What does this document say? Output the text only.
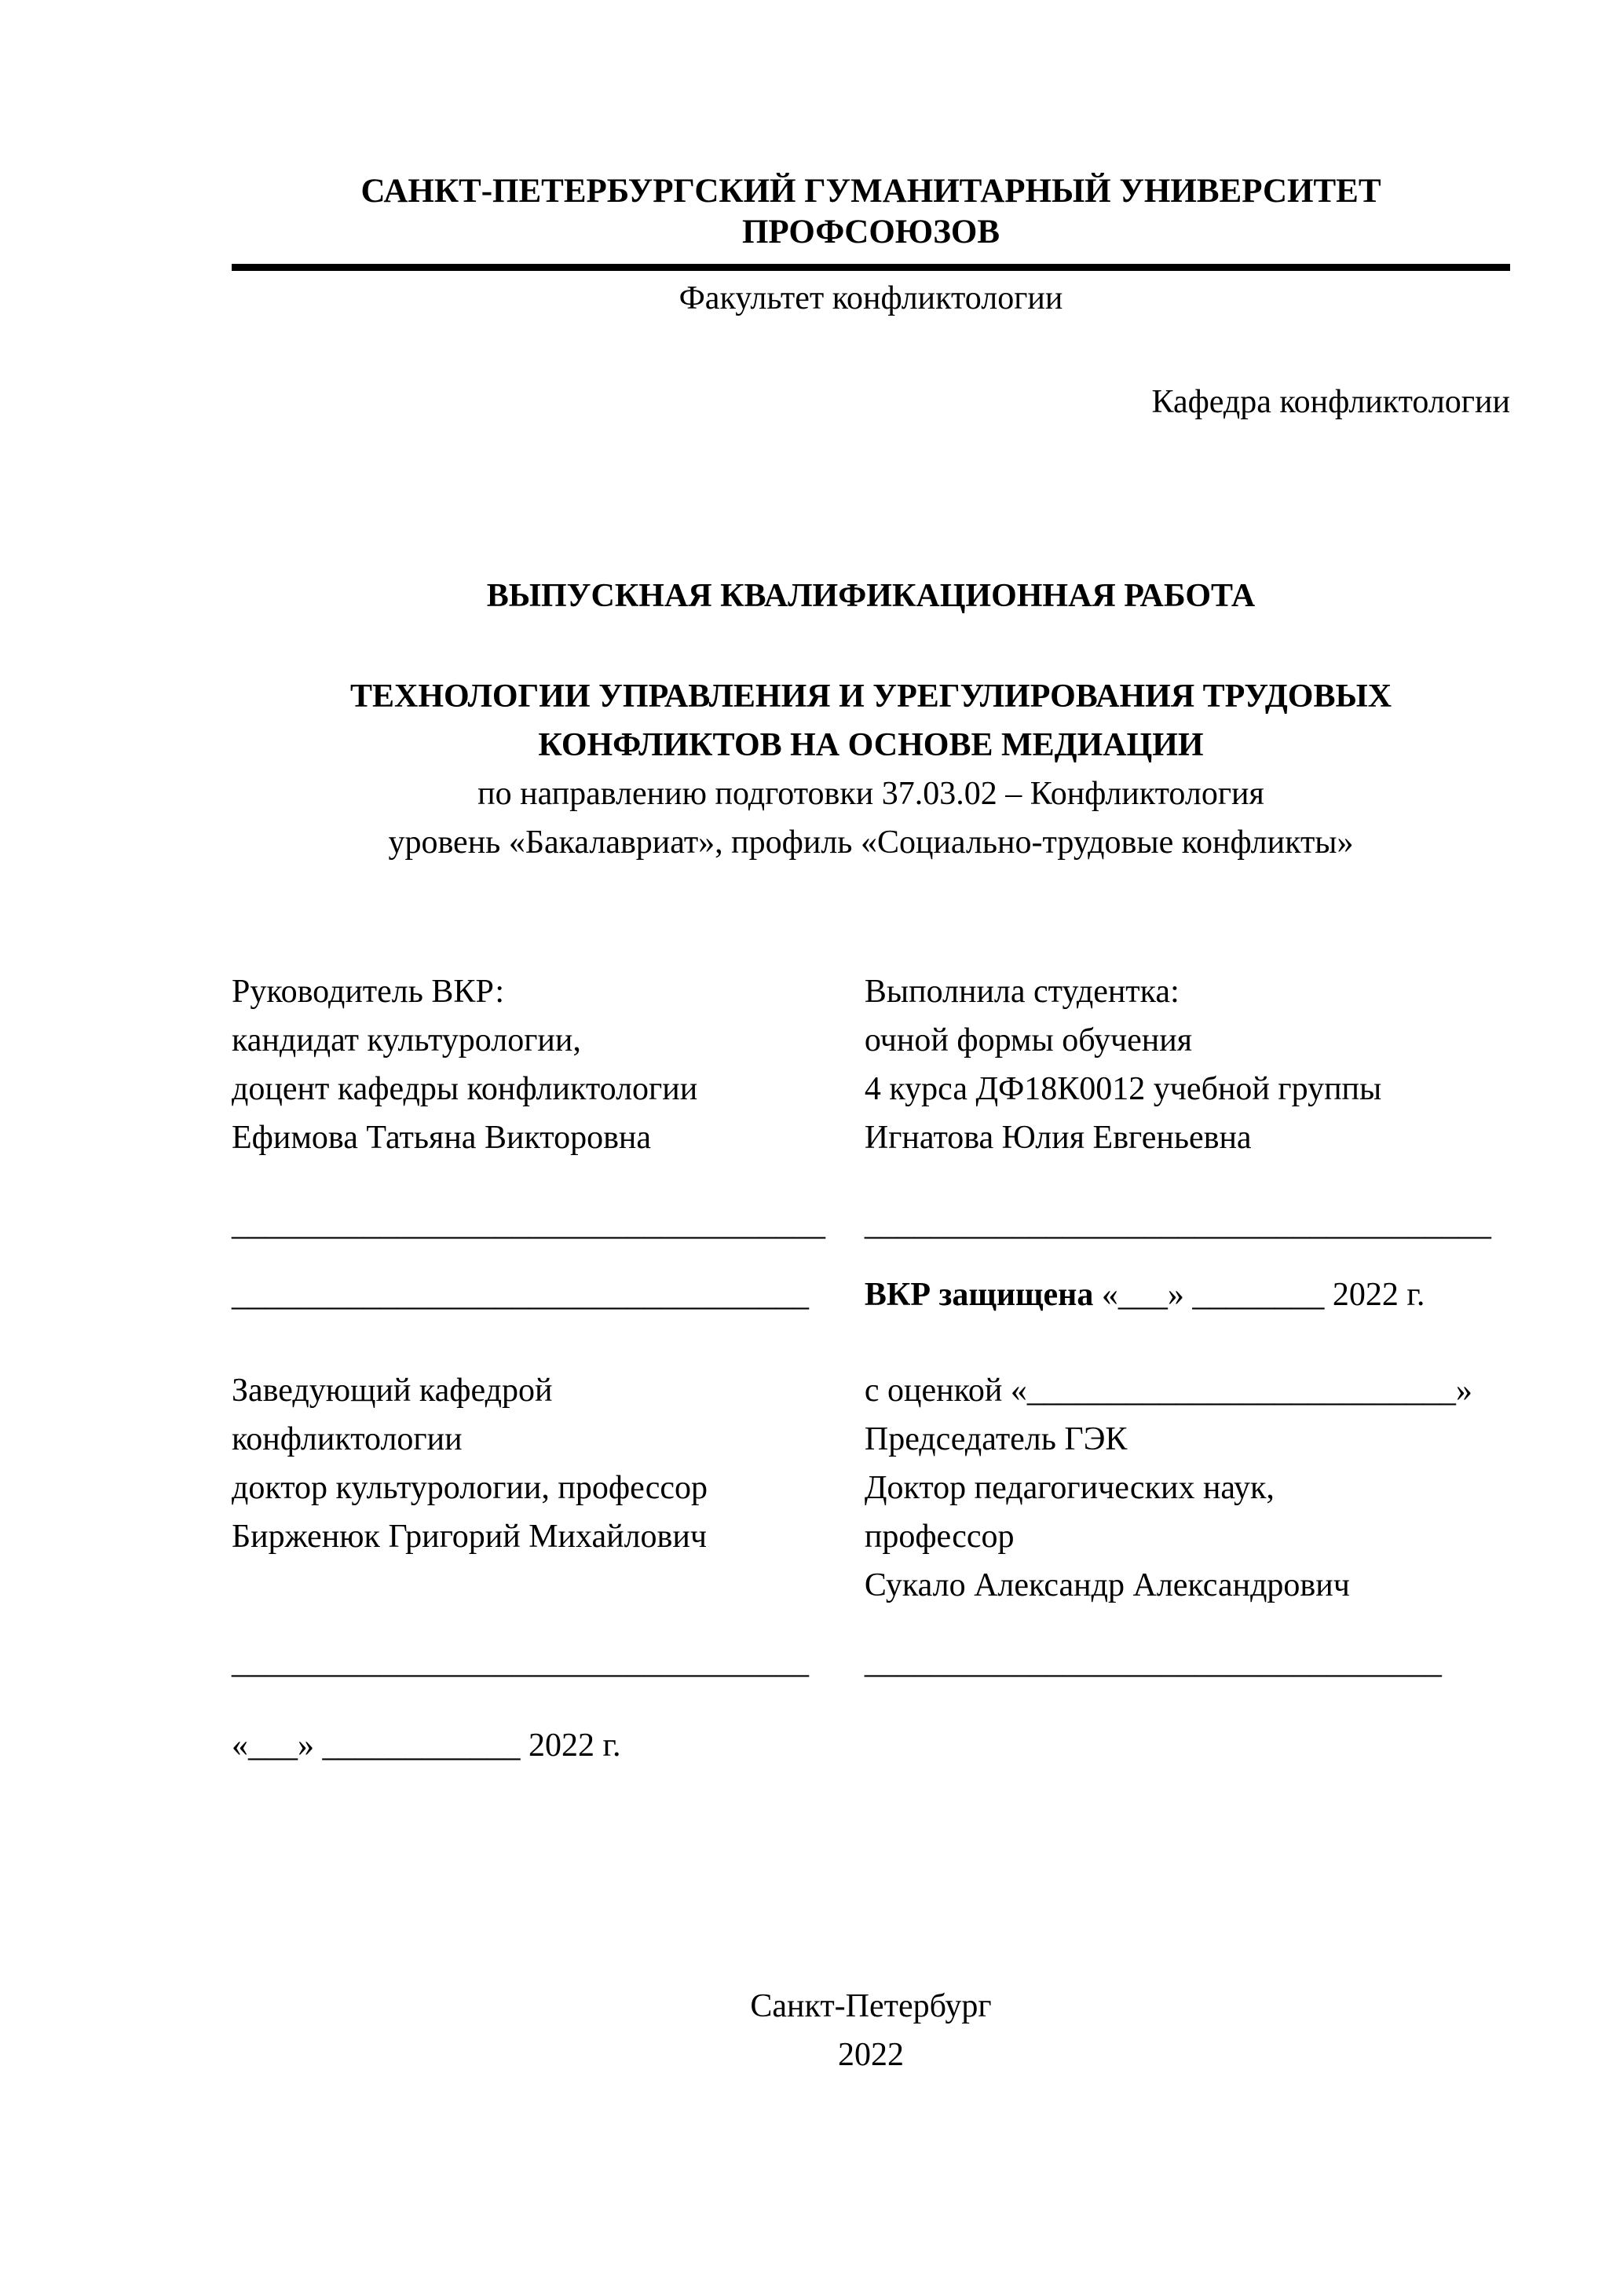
САНКТ-ПЕТЕРБУРГСКИЙ ГУМАНИТАРНЫЙ УНИВЕРСИТЕТ ПРОФСОЮЗОВ
Факультет конфликтологии
Кафедра конфликтологии
ВЫПУСКНАЯ КВАЛИФИКАЦИОННАЯ РАБОТА
ТЕХНОЛОГИИ УПРАВЛЕНИЯ И УРЕГУЛИРОВАНИЯ ТРУДОВЫХ
КОНФЛИКТОВ НА ОСНОВЕ МЕДИАЦИИ
по направлению подготовки 37.03.02 – Конфликтология
уровень «Бакалавриат», профиль «Социально-трудовые конфликты»
Руководитель ВКР:
кандидат культурологии,
доцент кафедры конфликтологии
Ефимова Татьяна Викторовна
Выполнила студентка:
очной формы обучения
4 курса ДФ18К0012 учебной группы
Игнатова Юлия Евгеньевна
____________________________________	______________________________________
___________________________________	ВКР защищена «___» ________ 2022 г.
Заведующий кафедрой
конфликтологии
доктор культурологии, профессор
Бирженюк Григорий Михайлович
с оценкой «__________________________»
Председатель ГЭК
Доктор педагогических наук,
профессор
Сукало Александр Александрович
___________________________________	___________________________________
«___» ____________ 2022 г.
Санкт-Петербург
2022
